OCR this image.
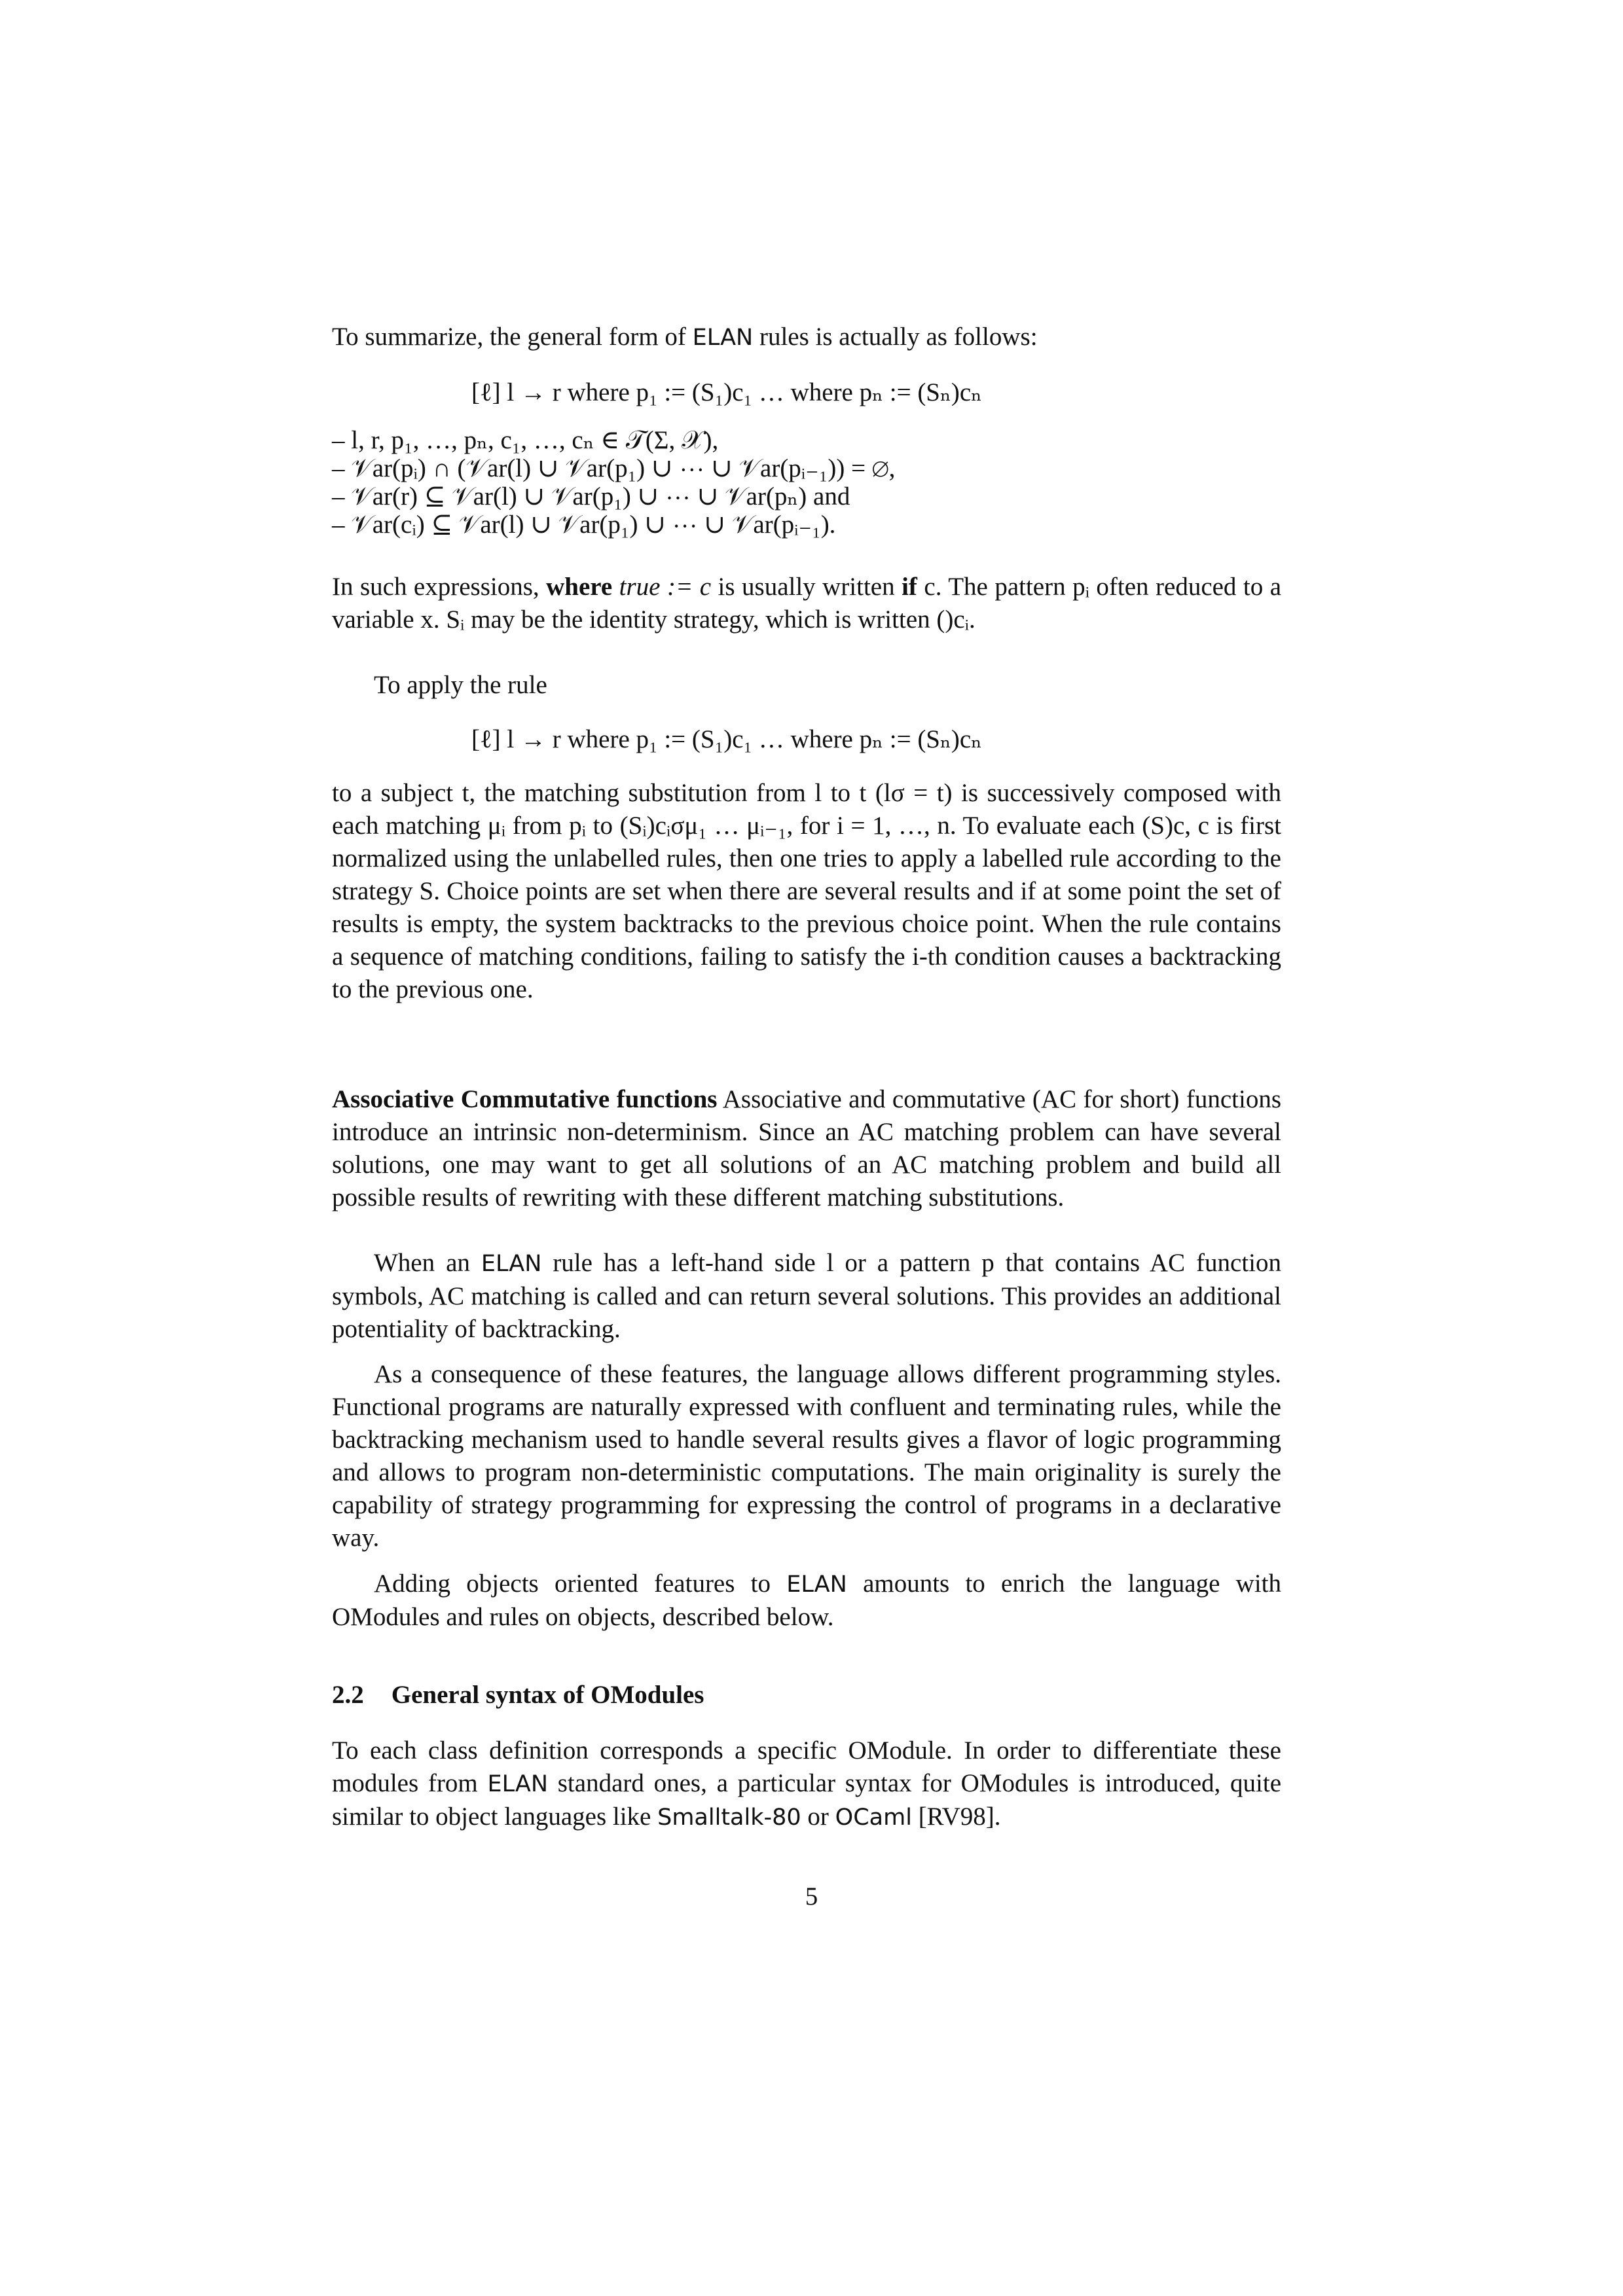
To summarize, the general form of ELAN rules is actually as follows:
[ℓ] l → r where p₁ := (S₁)c₁ … where pₙ := (Sₙ)cₙ
– l, r, p₁, …, pₙ, c₁, …, cₙ ∈ 𝒯(Σ, 𝒳),
– 𝒱ar(pᵢ) ∩ (𝒱ar(l) ∪ 𝒱ar(p₁) ∪ ⋯ ∪ 𝒱ar(pᵢ₋₁)) = ∅,
– 𝒱ar(r) ⊆ 𝒱ar(l) ∪ 𝒱ar(p₁) ∪ ⋯ ∪ 𝒱ar(pₙ) and
– 𝒱ar(cᵢ) ⊆ 𝒱ar(l) ∪ 𝒱ar(p₁) ∪ ⋯ ∪ 𝒱ar(pᵢ₋₁).
In such expressions, where true := c is usually written if c. The pattern pᵢ often reduced to a variable x. Sᵢ may be the identity strategy, which is written ()cᵢ.
To apply the rule
[ℓ] l → r where p₁ := (S₁)c₁ … where pₙ := (Sₙ)cₙ
to a subject t, the matching substitution from l to t (lσ = t) is successively composed with each matching μᵢ from pᵢ to (Sᵢ)cᵢσμ₁ … μᵢ₋₁, for i = 1, …, n. To evaluate each (S)c, c is first normalized using the unlabelled rules, then one tries to apply a labelled rule according to the strategy S. Choice points are set when there are several results and if at some point the set of results is empty, the system backtracks to the previous choice point. When the rule contains a sequence of matching conditions, failing to satisfy the i-th condition causes a backtracking to the previous one.
Associative Commutative functions Associative and commutative (AC for short) functions introduce an intrinsic non-determinism. Since an AC matching problem can have several solutions, one may want to get all solutions of an AC matching problem and build all possible results of rewriting with these different matching substitutions.
When an ELAN rule has a left-hand side l or a pattern p that contains AC function symbols, AC matching is called and can return several solutions. This provides an additional potentiality of backtracking.
As a consequence of these features, the language allows different programming styles. Functional programs are naturally expressed with confluent and terminating rules, while the backtracking mechanism used to handle several results gives a flavor of logic programming and allows to program non-deterministic computations. The main originality is surely the capability of strategy programming for expressing the control of programs in a declarative way.
Adding objects oriented features to ELAN amounts to enrich the language with OModules and rules on objects, described below.
2.2 General syntax of OModules
To each class definition corresponds a specific OModule. In order to differentiate these modules from ELAN standard ones, a particular syntax for OModules is introduced, quite similar to object languages like Smalltalk-80 or OCaml [RV98].
5
